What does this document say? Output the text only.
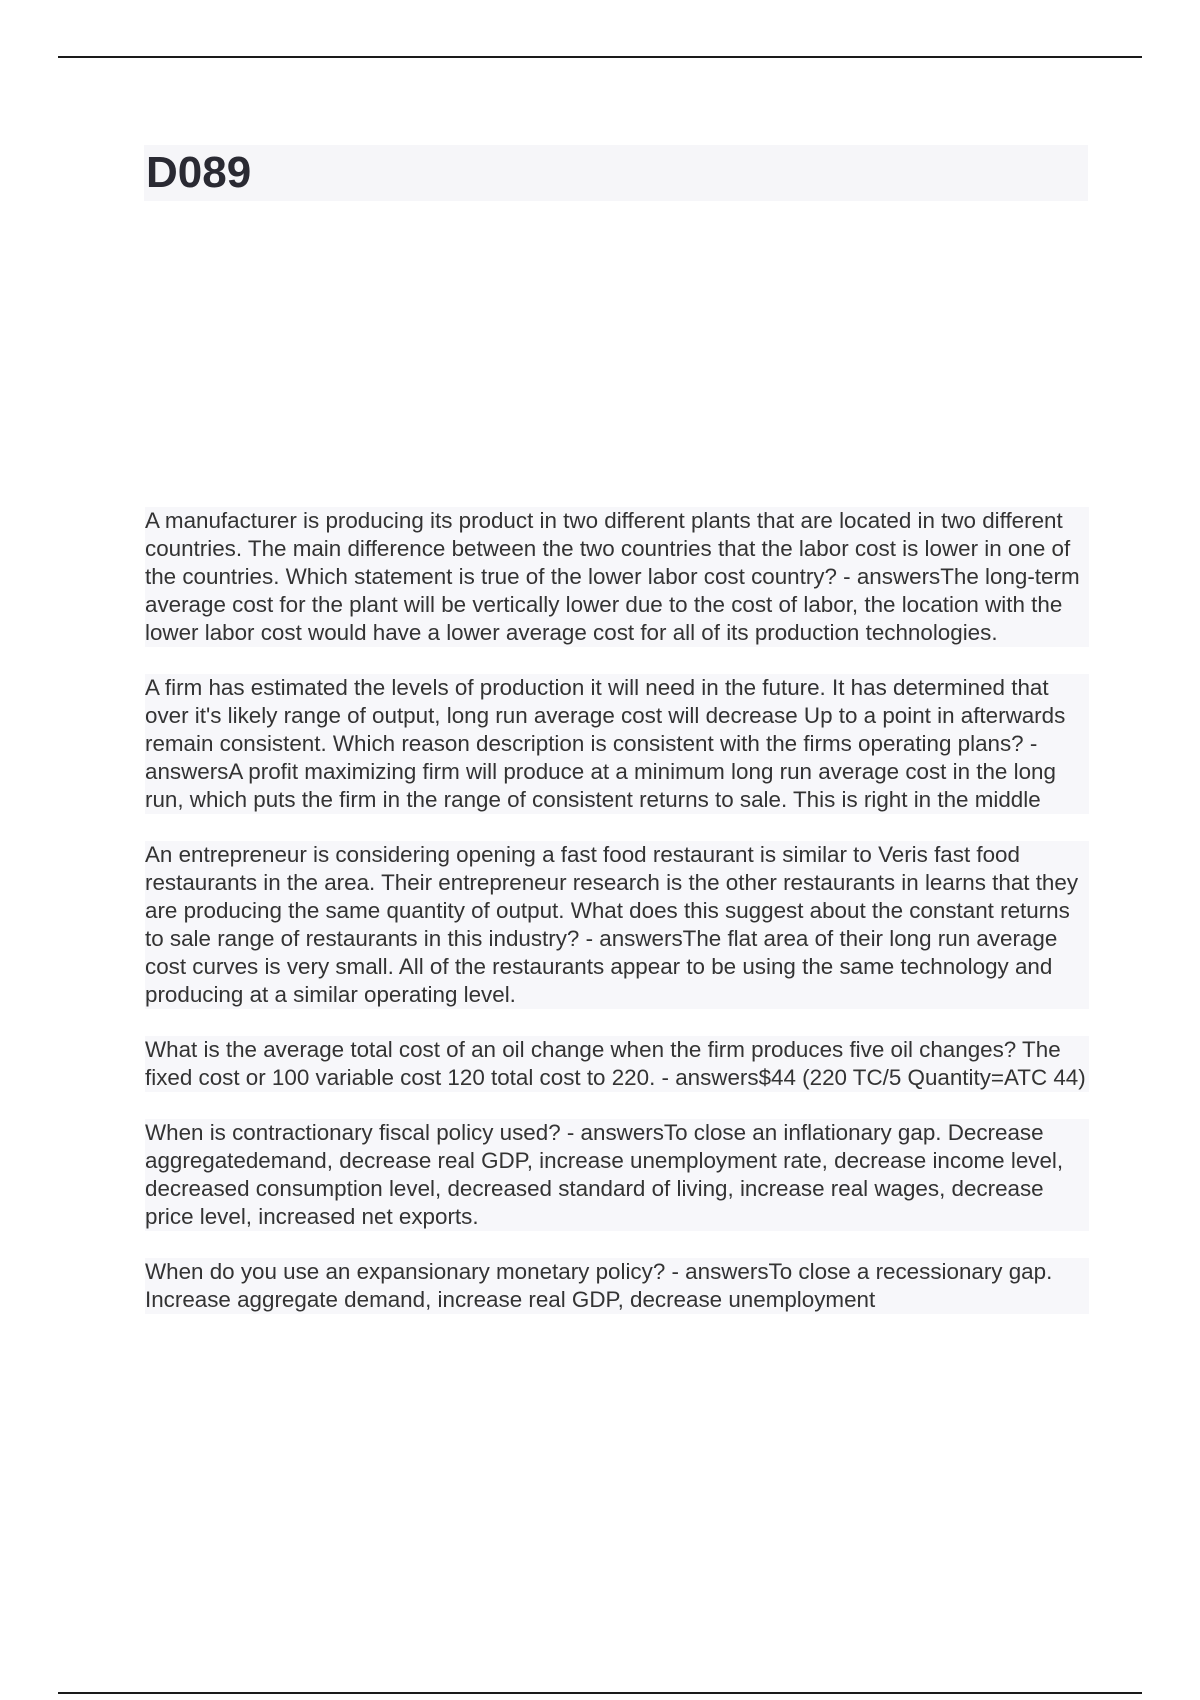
D089

A manufacturer is producing its product in two different plants that are located in two different countries. The main difference between the two countries that the labor cost is lower in one of the countries. Which statement is true of the lower labor cost country? - answersThe long-term average cost for the plant will be vertically lower due to the cost of labor, the location with the lower labor cost would have a lower average cost for all of its production technologies.

A firm has estimated the levels of production it will need in the future. It has determined that over it's likely range of output, long run average cost will decrease Up to a point in afterwards remain consistent. Which reason description is consistent with the firms operating plans? - answersA profit maximizing firm will produce at a minimum long run average cost in the long run, which puts the firm in the range of consistent returns to sale. This is right in the middle

An entrepreneur is considering opening a fast food restaurant is similar to Veris fast food restaurants in the area. Their entrepreneur research is the other restaurants in learns that they are producing the same quantity of output. What does this suggest about the constant returns to sale range of restaurants in this industry? - answersThe flat area of their long run average cost curves is very small. All of the restaurants appear to be using the same technology and producing at a similar operating level.

What is the average total cost of an oil change when the firm produces five oil changes? The fixed cost or 100 variable cost 120 total cost to 220. - answers$44 (220 TC/5 Quantity=ATC 44)

When is contractionary fiscal policy used? - answersTo close an inflationary gap. Decrease aggregatedemand, decrease real GDP, increase unemployment rate, decrease income level, decreased consumption level, decreased standard of living, increase real wages, decrease price level, increased net exports.

When do you use an expansionary monetary policy? - answersTo close a recessionary gap. Increase aggregate demand, increase real GDP, decrease unemployment
